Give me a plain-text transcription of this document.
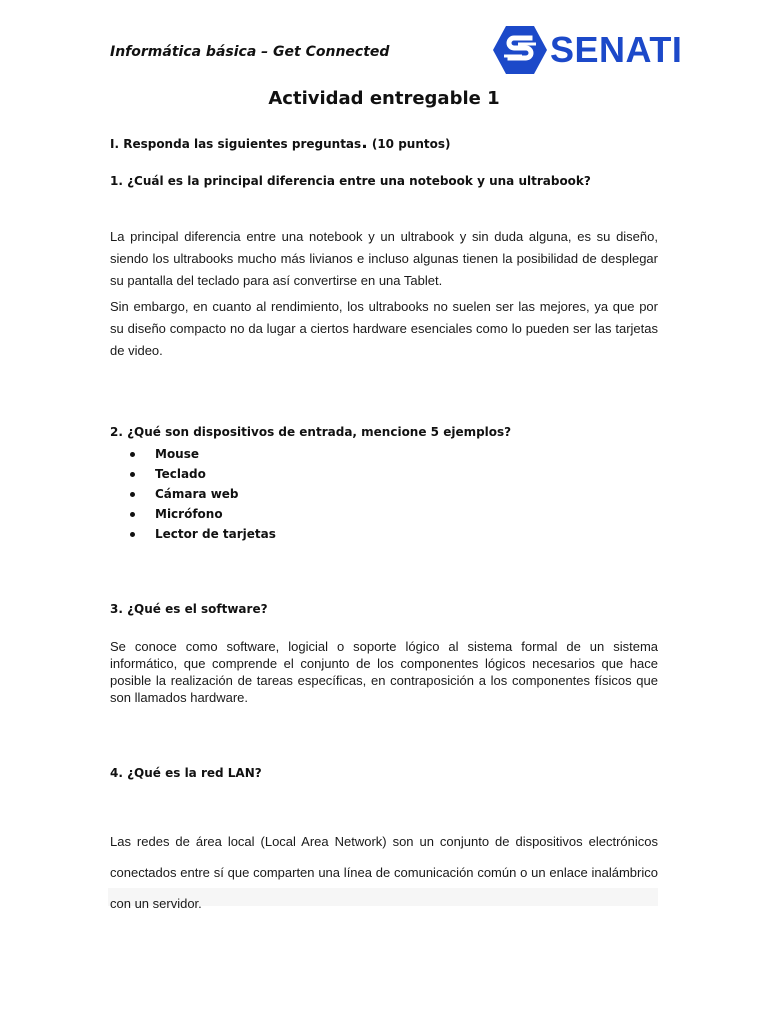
Informática básica – Get Connected	SENATI
Actividad entregable 1
I. Responda las siguientes preguntas. (10 puntos)
1. ¿Cuál es la principal diferencia entre una notebook y una ultrabook?
La principal diferencia entre una notebook y un ultrabook y sin duda alguna, es su diseño, siendo los ultrabooks mucho más livianos e incluso algunas tienen la posibilidad de desplegar su pantalla del teclado para así convertirse en una Tablet.
Sin embargo, en cuanto al rendimiento, los ultrabooks no suelen ser las mejores, ya que por su diseño compacto no da lugar a ciertos hardware esenciales como lo pueden ser las tarjetas de video.
2. ¿Qué son dispositivos de entrada, mencione 5 ejemplos?
Mouse
Teclado
Cámara web
Micrófono
Lector de tarjetas
3. ¿Qué es el software?
Se conoce como software, logicial o soporte lógico al sistema formal de un sistema informático, que comprende el conjunto de los componentes lógicos necesarios que hace posible la realización de tareas específicas, en contraposición a los componentes físicos que son llamados hardware.
4. ¿Qué es la red LAN?
Las redes de área local (Local Area Network) son un conjunto de dispositivos electrónicos conectados entre sí que comparten una línea de comunicación común o un enlace inalámbrico con un servidor.
